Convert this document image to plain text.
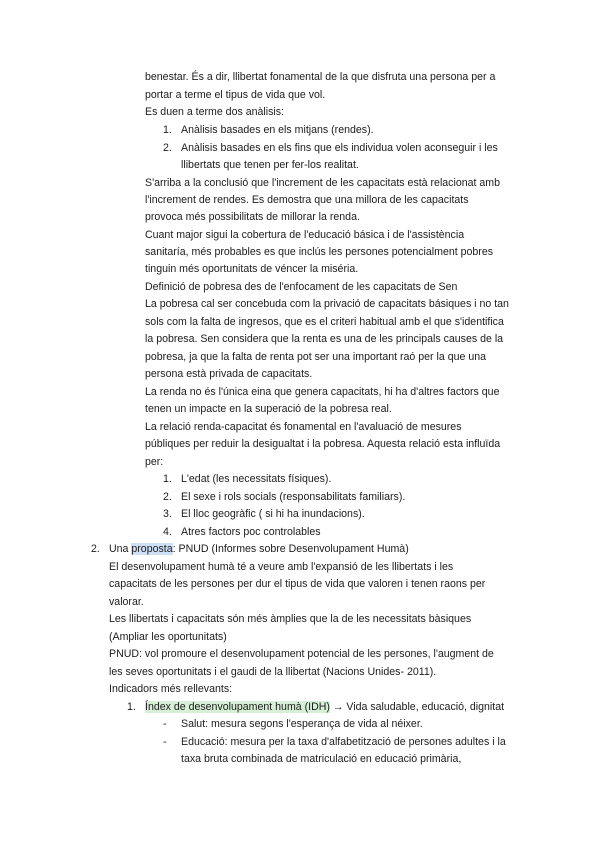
benestar. És a dir, llibertat fonamental de la que disfruta una persona per a
portar a terme el tipus de vida que vol.
Es duen a terme dos anàlisis:
1. Anàlisis basades en els mitjans (rendes).
2. Anàlisis basades en els fins que els individua volen aconseguir i les
llibertats que tenen per fer-los realitat.
S'arriba a la conclusió que l'increment de les capacitats està relacionat amb
l'increment de rendes. Es demostra que una millora de les capacitats
provoca més possibilitats de millorar la renda.
Cuant major sigui la cobertura de l'educació básica i de l'assistència
sanitaría, més probables es que inclús les persones potencialment pobres
tinguin més oportunitats de véncer la miséria.
Definició de pobresa des de l'enfocament de les capacitats de Sen
La pobresa cal ser concebuda com la privació de capacitats básiques i no tan
sols com la falta de ingresos, que es el criteri habitual amb el que s'identifica
la pobresa. Sen considera que la renta es una de les principals causes de la
pobresa, ja que la falta de renta pot ser una important raó per la que una
persona està privada de capacitats.
La renda no és l'única eina que genera capacitats, hi ha d'altres factors que
tenen un impacte en la superació de la pobresa real.
La relació renda-capacitat és fonamental en l'avaluació de mesures
públiques per reduir la desigualtat i la pobresa. Aquesta relació esta influïda
per:
1. L'edat (les necessitats físiques).
2. El sexe i rols socials (responsabilitats familiars).
3. El lloc geogràfic ( si hi ha inundacions).
4. Atres factors poc controlables
2. Una proposta: PNUD (Informes sobre Desenvolupament Humà)
El desenvolupament humà té a veure amb l'expansió de les llibertats i les
capacitats de les persones per dur el tipus de vida que valoren i tenen raons per
valorar.
Les llibertats i capacitats són més àmplies que la de les necessitats bàsiques
(Ampliar les oportunitats)
PNUD: vol promoure el desenvolupament potencial de les persones, l'augment de
les seves oportunitats i el gaudi de la llibertat (Nacions Unides- 2011).
Indicadors més rellevants:
1. Índex de desenvolupament humà (IDH) → Vida saludable, educació, dignitat
- Salut: mesura segons l'esperança de vida al néixer.
- Educació: mesura per la taxa d'alfabetització de persones adultes i la
taxa bruta combinada de matriculació en educació primària,
